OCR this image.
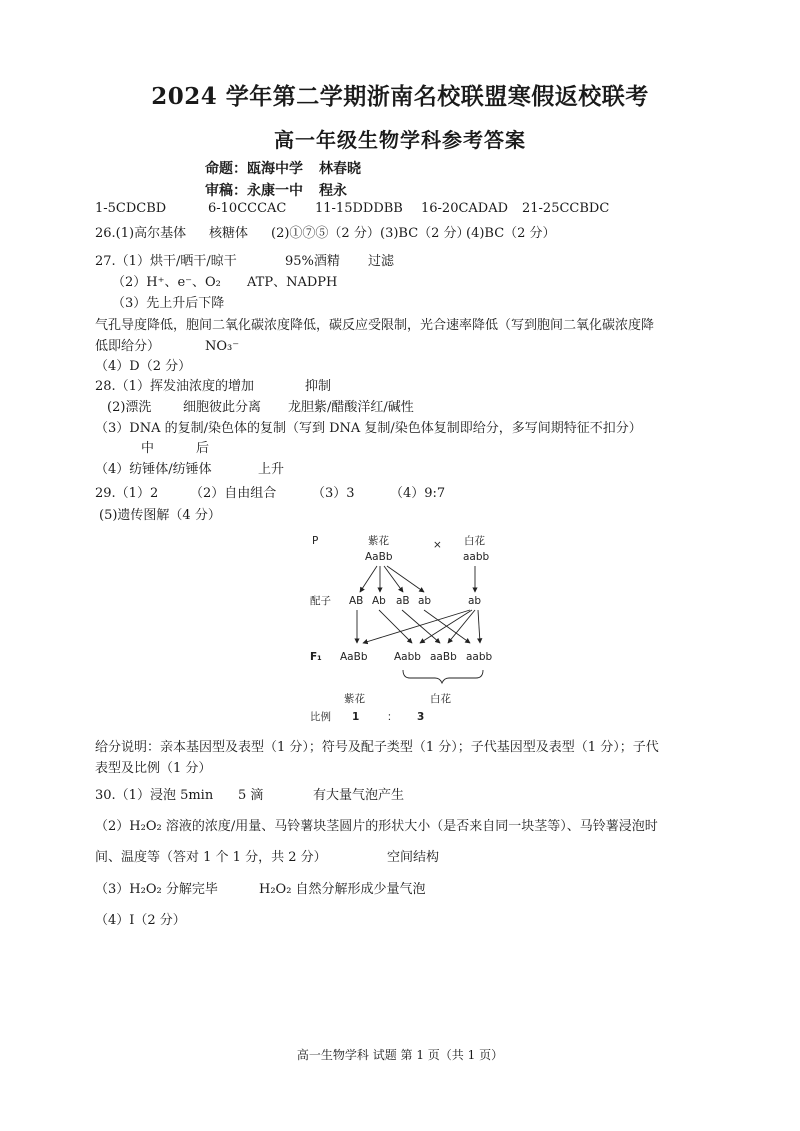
2024 学年第二学期浙南名校联盟寒假返校联考
高一年级生物学科参考答案
命题：瓯海中学 林春晓
审稿：永康一中 程永
1-5CDCBD	6-10CCCAC 11-15DDDBB 16-20CADAD 21-25CCBDC
26.(1)高尔基体 核糖体 (2)①⑦⑤（2 分） (3)BC（2 分）
(4)BC（2 分）
27.（1）烘干/晒干/晾干	95%酒精 过滤
（2）H⁺、e⁻、O₂ ATP、NADPH
（3）先上升后下降
气孔导度降低，胞间二氧化碳浓度降低，碳反应受限制，光合速率降低（写到胞间二氧化碳浓度降
低即给分）	NO₃⁻
（4）D（2 分）
28.（1）挥发油浓度的增加	抑制
(2)漂洗 细胞彼此分离 龙胆紫/醋酸洋红/碱性
（3）DNA 的复制/染色体的复制（写到 DNA 复制/染色体复制即给分，多写间期特征不扣分）
中	后
（4）纺锤体/纺锤体	上升
29.（1）2 （2）自由组合	（3）3	（4）9:7
(5)遗传图解（4 分）
P	紫花
AaBb
× 白花
aabb
配子 AB Ab aB ab	ab
F₁ AaBb	Aabb aaBb aabb
紫花	白花
比例 1	： 3
给分说明：亲本基因型及表型（1 分）；符号及配子类型（1 分）；子代基因型及表型（1 分）；子代
表型及比例（1 分）
30.（1）浸泡 5min 5 滴	有大量气泡产生
（2）H₂O₂ 溶液的浓度/用量、马铃薯块茎圆片的形状大小（是否来自同一块茎等）、马铃薯浸泡时
间、温度等（答对 1 个 1 分，共 2 分）	空间结构
（3）H₂O₂ 分解完毕	H₂O₂ 自然分解形成少量气泡
（4）I（2 分）
高一生物学科 试题 第 1 页（共 1 页）
